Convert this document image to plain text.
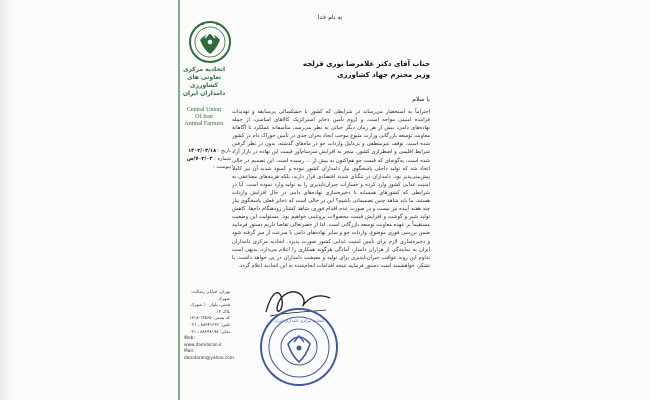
اتحادیه مرکزی
تعاونی های کشاورزی
دامداران ایران
Central Union
Of Iran
Animal Farmers
تاریخ : ۱۴۰۳/۰۴/۱۸
شماره : ۷۰۳/۰۳/ص
پیوست :
تهران، خیابان رسالت، شهرک
قدس، بلوار ۱۰ شهرک
پلاک ۱۲
کد پستی: ۱۴۵۶۵-۱۳۱۸
تلفن: ۸۸۳۴۱۲۳۶ ـ ۰۲۱
نمابر: ۸۸۳۴۸۱۹۸ ـ ۰۲۱
Web: www.damdaran.ir
Mail: damdaran@yahoo.com
به نام خدا
جناب آقای دکتر غلامرضا نوری قزلجه
وزیر محترم جهاد کشاورزی
با سلام
احتراماً به استحضار می‌رساند در شرایطی که کشور با خشکسالی بی‌سابقه و تهدیدات فزاینده امنیتی مواجه است، و لزوم تأمین ذخایر استراتژیک کالاهای اساسی، از جمله نهاده‌های دامی، بیش از هر زمان دیگر حیاتی به نظر می‌رسد، متأسفانه عملکرد نا آگاهانه معاونت توسعه بازرگانی وزارت متبوع موجب ایجاد بحران جدی در تأمین خوراک دام در کشور شده است. توقف غیرمنطقی و بی‌دلیل واردات جو در ماه‌های گذشته، بدون در نظر گرفتن شرایط اقلیمی و اضطراری کشور، منجر به افزایش سرسام‌آور قیمت این نهاده در بازار آزاد شده است، به‌گونه‌ای که قیمت جو هم‌اکنون به بیش از ... رسیده است. این تصمیم در حالی اتخاذ شد که تولید داخلی پاسخگوی نیاز دامداران کشور نبوده و کمبود شدید آن نیز کاملاً پیش‌بینی‌پذیر بود. دامداران در تنگنای شدید اقتصادی قرار دارند، بلکه هزینه‌های مضاعفی به امنیت غذایی کشور وارد کرده و خسارات جبران‌ناپذیری را به تولید وارد نموده است. آیا در شرایطی که کشورهای همسایه با ذخیره‌سازی نهاده‌های دامی در حال افزایش واردات هستند، ما باید شاهد چنین تصمیماتی باشیم؟ این در حالی است که ذخایر فعلی پاسخگوی نیاز چند هفته آینده نیز نیست و در صورت عدم اقدام فوری، شاهد کشتار زودهنگام دام‌ها، کاهش تولید شیر و گوشت و افزایش قیمت محصولات پروتئینی خواهیم بود. مسئولیت این وضعیت مستقیماً بر عهده معاونت توسعه بازرگانی است. لذا از حضرتعالی تقاضا داریم دستور فرمایید ضمن بررسی فوری موضوع، واردات جو و سایر نهاده‌های دامی با سرعت از سر گرفته شود و ذخیره‌سازی لازم برای تأمین امنیت غذایی کشور صورت پذیرد. اتحادیه مرکزی دامداران ایران به نمایندگی از هزاران دامدار، آمادگی هرگونه همکاری را اعلام می‌دارد. بدیهی است تداوم این روند عواقب جبران‌ناپذیری برای تولید و معیشت دامداران در پی خواهد داشت. با تشکر، خواهشمند است دستور فرمایید نتیجه اقدامات انجام‌شده به این اتحادیه اعلام گردد.
اتحادیه مرکزی دامداران ایران
